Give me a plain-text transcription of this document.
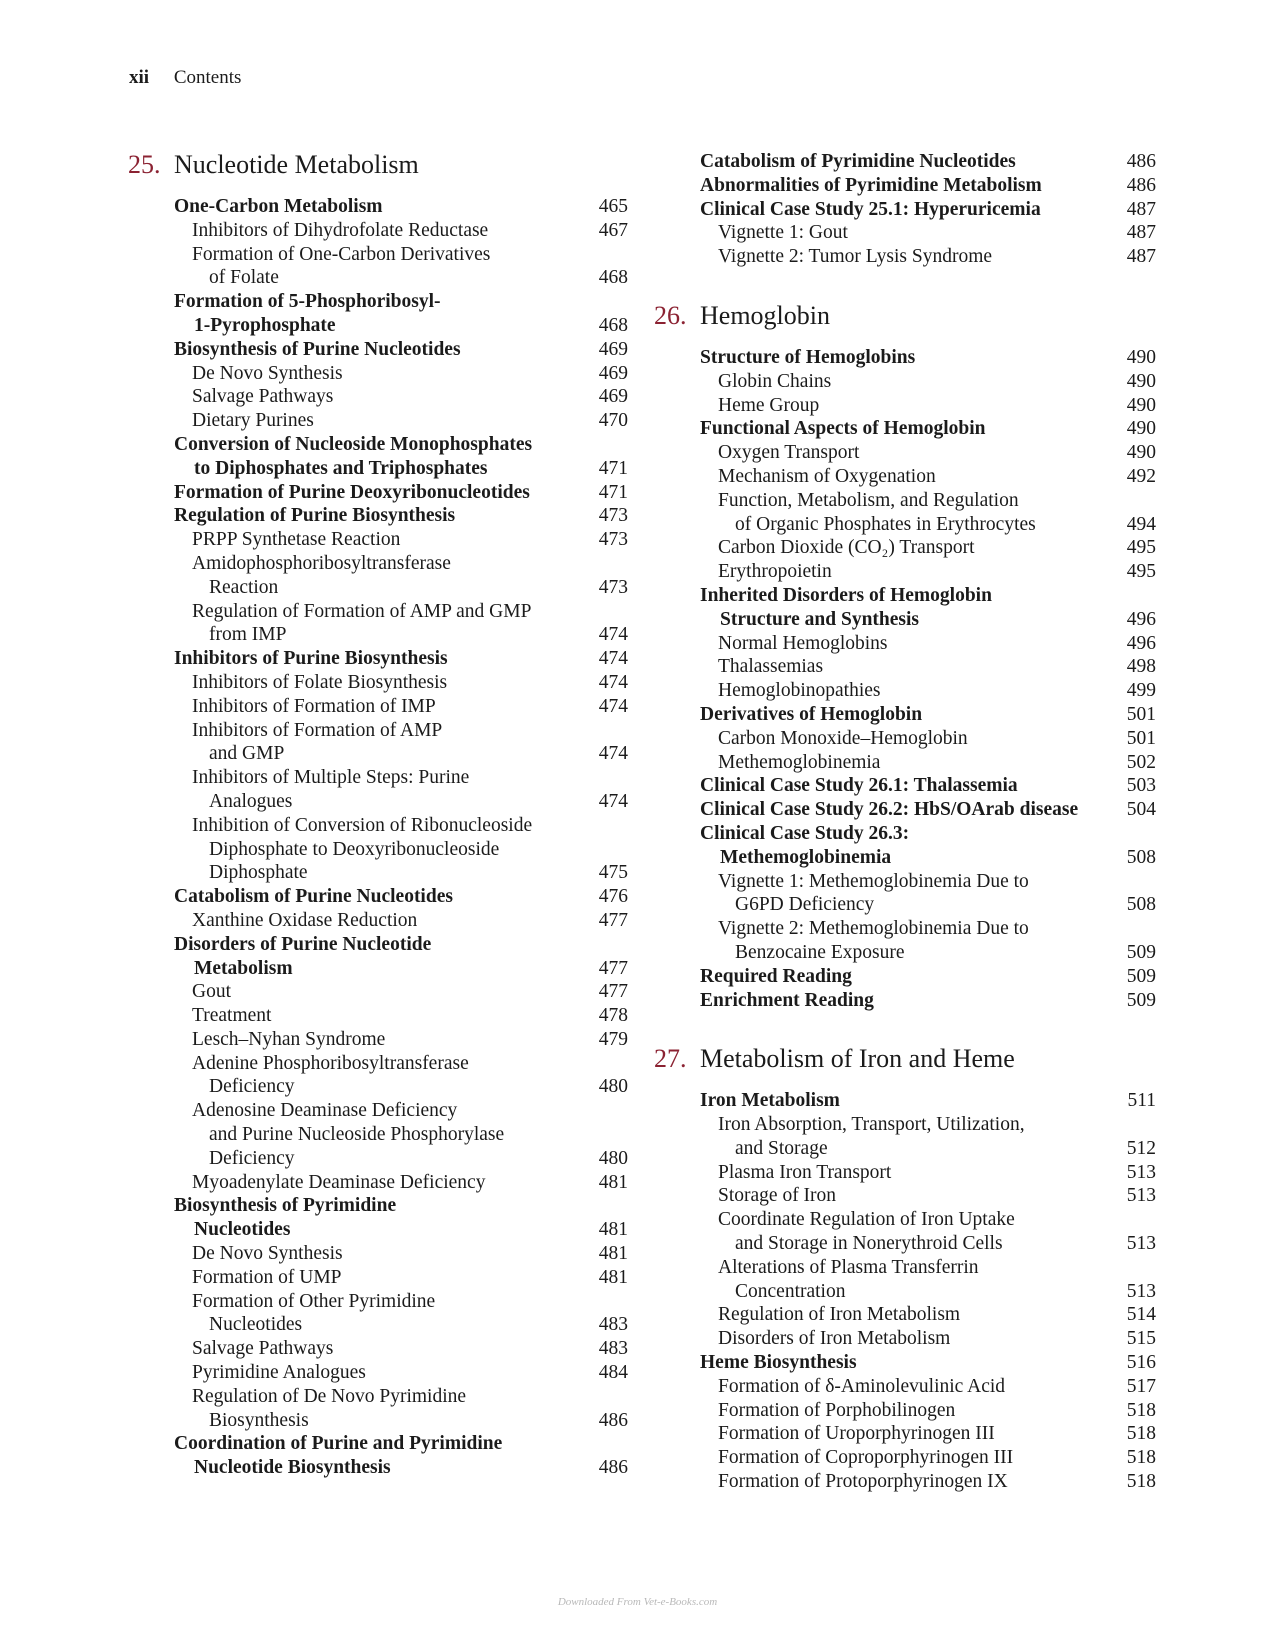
xii Contents
25. Nucleotide Metabolism
One-Carbon Metabolism	465
Inhibitors of Dihydrofolate Reductase	467
Formation of One-Carbon Derivatives
of Folate	468
Formation of 5-Phosphoribosyl-
1-Pyrophosphate	468
Biosynthesis of Purine Nucleotides	469
De Novo Synthesis	469
Salvage Pathways	469
Dietary Purines	470
Conversion of Nucleoside Monophosphates
to Diphosphates and Triphosphates	471
Formation of Purine Deoxyribonucleotides	471
Regulation of Purine Biosynthesis	473
PRPP Synthetase Reaction	473
Amidophosphoribosyltransferase
Reaction	473
Regulation of Formation of AMP and GMP
from IMP	474
Inhibitors of Purine Biosynthesis	474
Inhibitors of Folate Biosynthesis	474
Inhibitors of Formation of IMP	474
Inhibitors of Formation of AMP
and GMP	474
Inhibitors of Multiple Steps: Purine
Analogues	474
Inhibition of Conversion of Ribonucleoside
Diphosphate to Deoxyribonucleoside
Diphosphate	475
Catabolism of Purine Nucleotides	476
Xanthine Oxidase Reduction	477
Disorders of Purine Nucleotide
Metabolism	477
Gout	477
Treatment	478
Lesch–Nyhan Syndrome	479
Adenine Phosphoribosyltransferase
Deficiency	480
Adenosine Deaminase Deficiency
and Purine Nucleoside Phosphorylase
Deficiency	480
Myoadenylate Deaminase Deficiency	481
Biosynthesis of Pyrimidine
Nucleotides	481
De Novo Synthesis	481
Formation of UMP	481
Formation of Other Pyrimidine
Nucleotides	483
Salvage Pathways	483
Pyrimidine Analogues	484
Regulation of De Novo Pyrimidine
Biosynthesis	486
Coordination of Purine and Pyrimidine
Nucleotide Biosynthesis	486
Catabolism of Pyrimidine Nucleotides	486
Abnormalities of Pyrimidine Metabolism	486
Clinical Case Study 25.1: Hyperuricemia	487
Vignette 1: Gout	487
Vignette 2: Tumor Lysis Syndrome	487
26. Hemoglobin
Structure of Hemoglobins	490
Globin Chains	490
Heme Group	490
Functional Aspects of Hemoglobin	490
Oxygen Transport	490
Mechanism of Oxygenation	492
Function, Metabolism, and Regulation
of Organic Phosphates in Erythrocytes	494
Carbon Dioxide (CO₂) Transport	495
Erythropoietin	495
Inherited Disorders of Hemoglobin
Structure and Synthesis	496
Normal Hemoglobins	496
Thalassemias	498
Hemoglobinopathies	499
Derivatives of Hemoglobin	501
Carbon Monoxide–Hemoglobin	501
Methemoglobinemia	502
Clinical Case Study 26.1: Thalassemia	503
Clinical Case Study 26.2: HbS/OArab disease	504
Clinical Case Study 26.3:
Methemoglobinemia	508
Vignette 1: Methemoglobinemia Due to
G6PD Deficiency	508
Vignette 2: Methemoglobinemia Due to
Benzocaine Exposure	509
Required Reading	509
Enrichment Reading	509
27. Metabolism of Iron and Heme
Iron Metabolism	511
Iron Absorption, Transport, Utilization,
and Storage	512
Plasma Iron Transport	513
Storage of Iron	513
Coordinate Regulation of Iron Uptake
and Storage in Nonerythroid Cells	513
Alterations of Plasma Transferrin
Concentration	513
Regulation of Iron Metabolism	514
Disorders of Iron Metabolism	515
Heme Biosynthesis	516
Formation of δ-Aminolevulinic Acid	517
Formation of Porphobilinogen	518
Formation of Uroporphyrinogen III	518
Formation of Coproporphyrinogen III	518
Formation of Protoporphyrinogen IX	518
Downloaded From Vet-e-Books.com
